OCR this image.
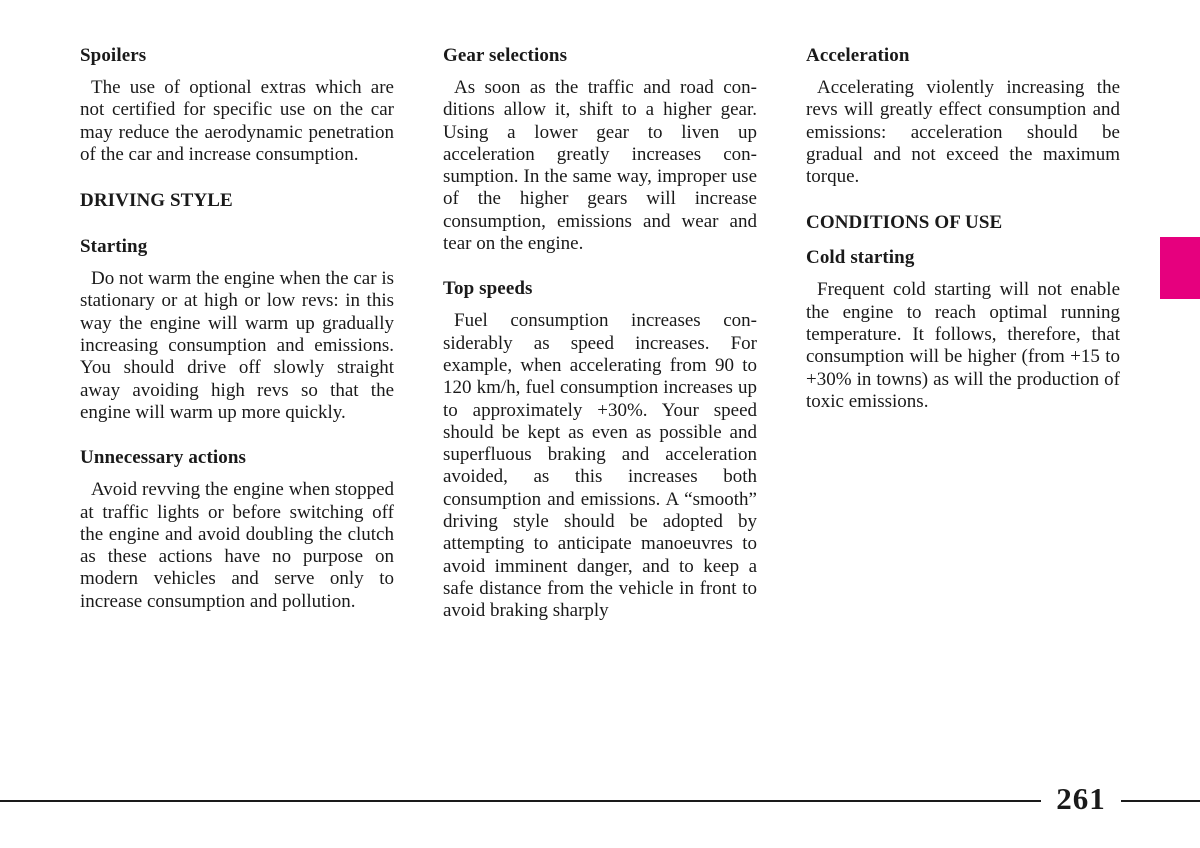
Spoilers

The use of optional extras which are not certified for specific use on the car may reduce the aerodynamic penetration of the car and increase consumption.

DRIVING STYLE
Starting

Do not warm the engine when the car is stationary or at high or low revs: in this way the engine will warm up gradually increasing consumption and emissions. You should drive off slowly straight away avoiding high revs so that the engine will warm up more quickly.

Unnecessary actions

Avoid revving the engine when stopped at traffic lights or before switching off the engine and avoid doubling the clutch as these actions have no purpose on modern vehicles and serve only to increase consumption and pollution.

Gear selections

As soon as the traffic and road conditions allow it, shift to a higher gear. Using a lower gear to liven up acceleration greatly increases consumption. In the same way, improper use of the higher gears will increase consumption, emissions and wear and tear on the engine.

Top speeds

Fuel consumption increases considerably as speed increases. For example, when accelerating from 90 to 120 km/h, fuel consumption increases up to approximately +30%. Your speed should be kept as even as possible and superfluous braking and acceleration avoided, as this increases both consumption and emissions. A “smooth” driving style should be adopted by attempting to anticipate manoeuvres to avoid imminent danger, and to keep a safe distance from the vehicle in front to avoid braking sharply

Acceleration

Accelerating violently increasing the revs will greatly effect consumption and emissions: acceleration should be gradual and not exceed the maximum torque.

CONDITIONS OF USE
Cold starting

Frequent cold starting will not enable the engine to reach optimal running temperature. It follows, therefore, that consumption will be higher (from +15 to +30% in towns) as will the production of toxic emissions.

261
